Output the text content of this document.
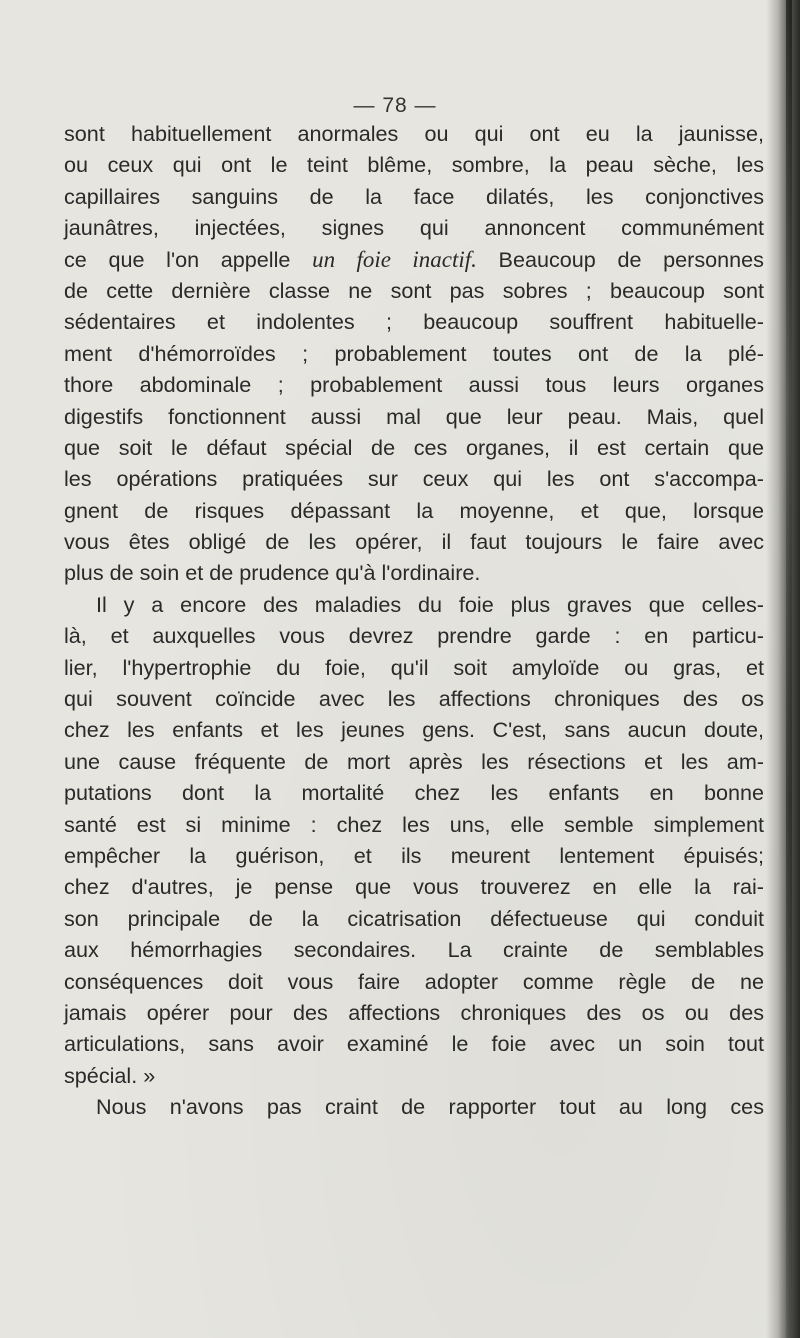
— 78 —
sont habituellement anormales ou qui ont eu la jaunisse,
ou ceux qui ont le teint blême, sombre, la peau sèche, les
capillaires sanguins de la face dilatés, les conjonctives
jaunâtres, injectées, signes qui annoncent communément
ce que l'on appelle un foie inactif. Beaucoup de personnes
de cette dernière classe ne sont pas sobres ; beaucoup sont
sédentaires et indolentes ; beaucoup souffrent habituelle-
ment d'hémorroïdes ; probablement toutes ont de la plé-
thore abdominale ; probablement aussi tous leurs organes
digestifs fonctionnent aussi mal que leur peau. Mais, quel
que soit le défaut spécial de ces organes, il est certain que
les opérations pratiquées sur ceux qui les ont s'accompa-
gnent de risques dépassant la moyenne, et que, lorsque
vous êtes obligé de les opérer, il faut toujours le faire avec
plus de soin et de prudence qu'à l'ordinaire.
Il y a encore des maladies du foie plus graves que celles-
là, et auxquelles vous devrez prendre garde : en particu-
lier, l'hypertrophie du foie, qu'il soit amyloïde ou gras, et
qui souvent coïncide avec les affections chroniques des os
chez les enfants et les jeunes gens. C'est, sans aucun doute,
une cause fréquente de mort après les résections et les am-
putations dont la mortalité chez les enfants en bonne
santé est si minime : chez les uns, elle semble simplement
empêcher la guérison, et ils meurent lentement épuisés;
chez d'autres, je pense que vous trouverez en elle la rai-
son principale de la cicatrisation défectueuse qui conduit
aux hémorrhagies secondaires. La crainte de semblables
conséquences doit vous faire adopter comme règle de ne
jamais opérer pour des affections chroniques des os ou des
articulations, sans avoir examiné le foie avec un soin tout
spécial. »
Nous n'avons pas craint de rapporter tout au long ces
